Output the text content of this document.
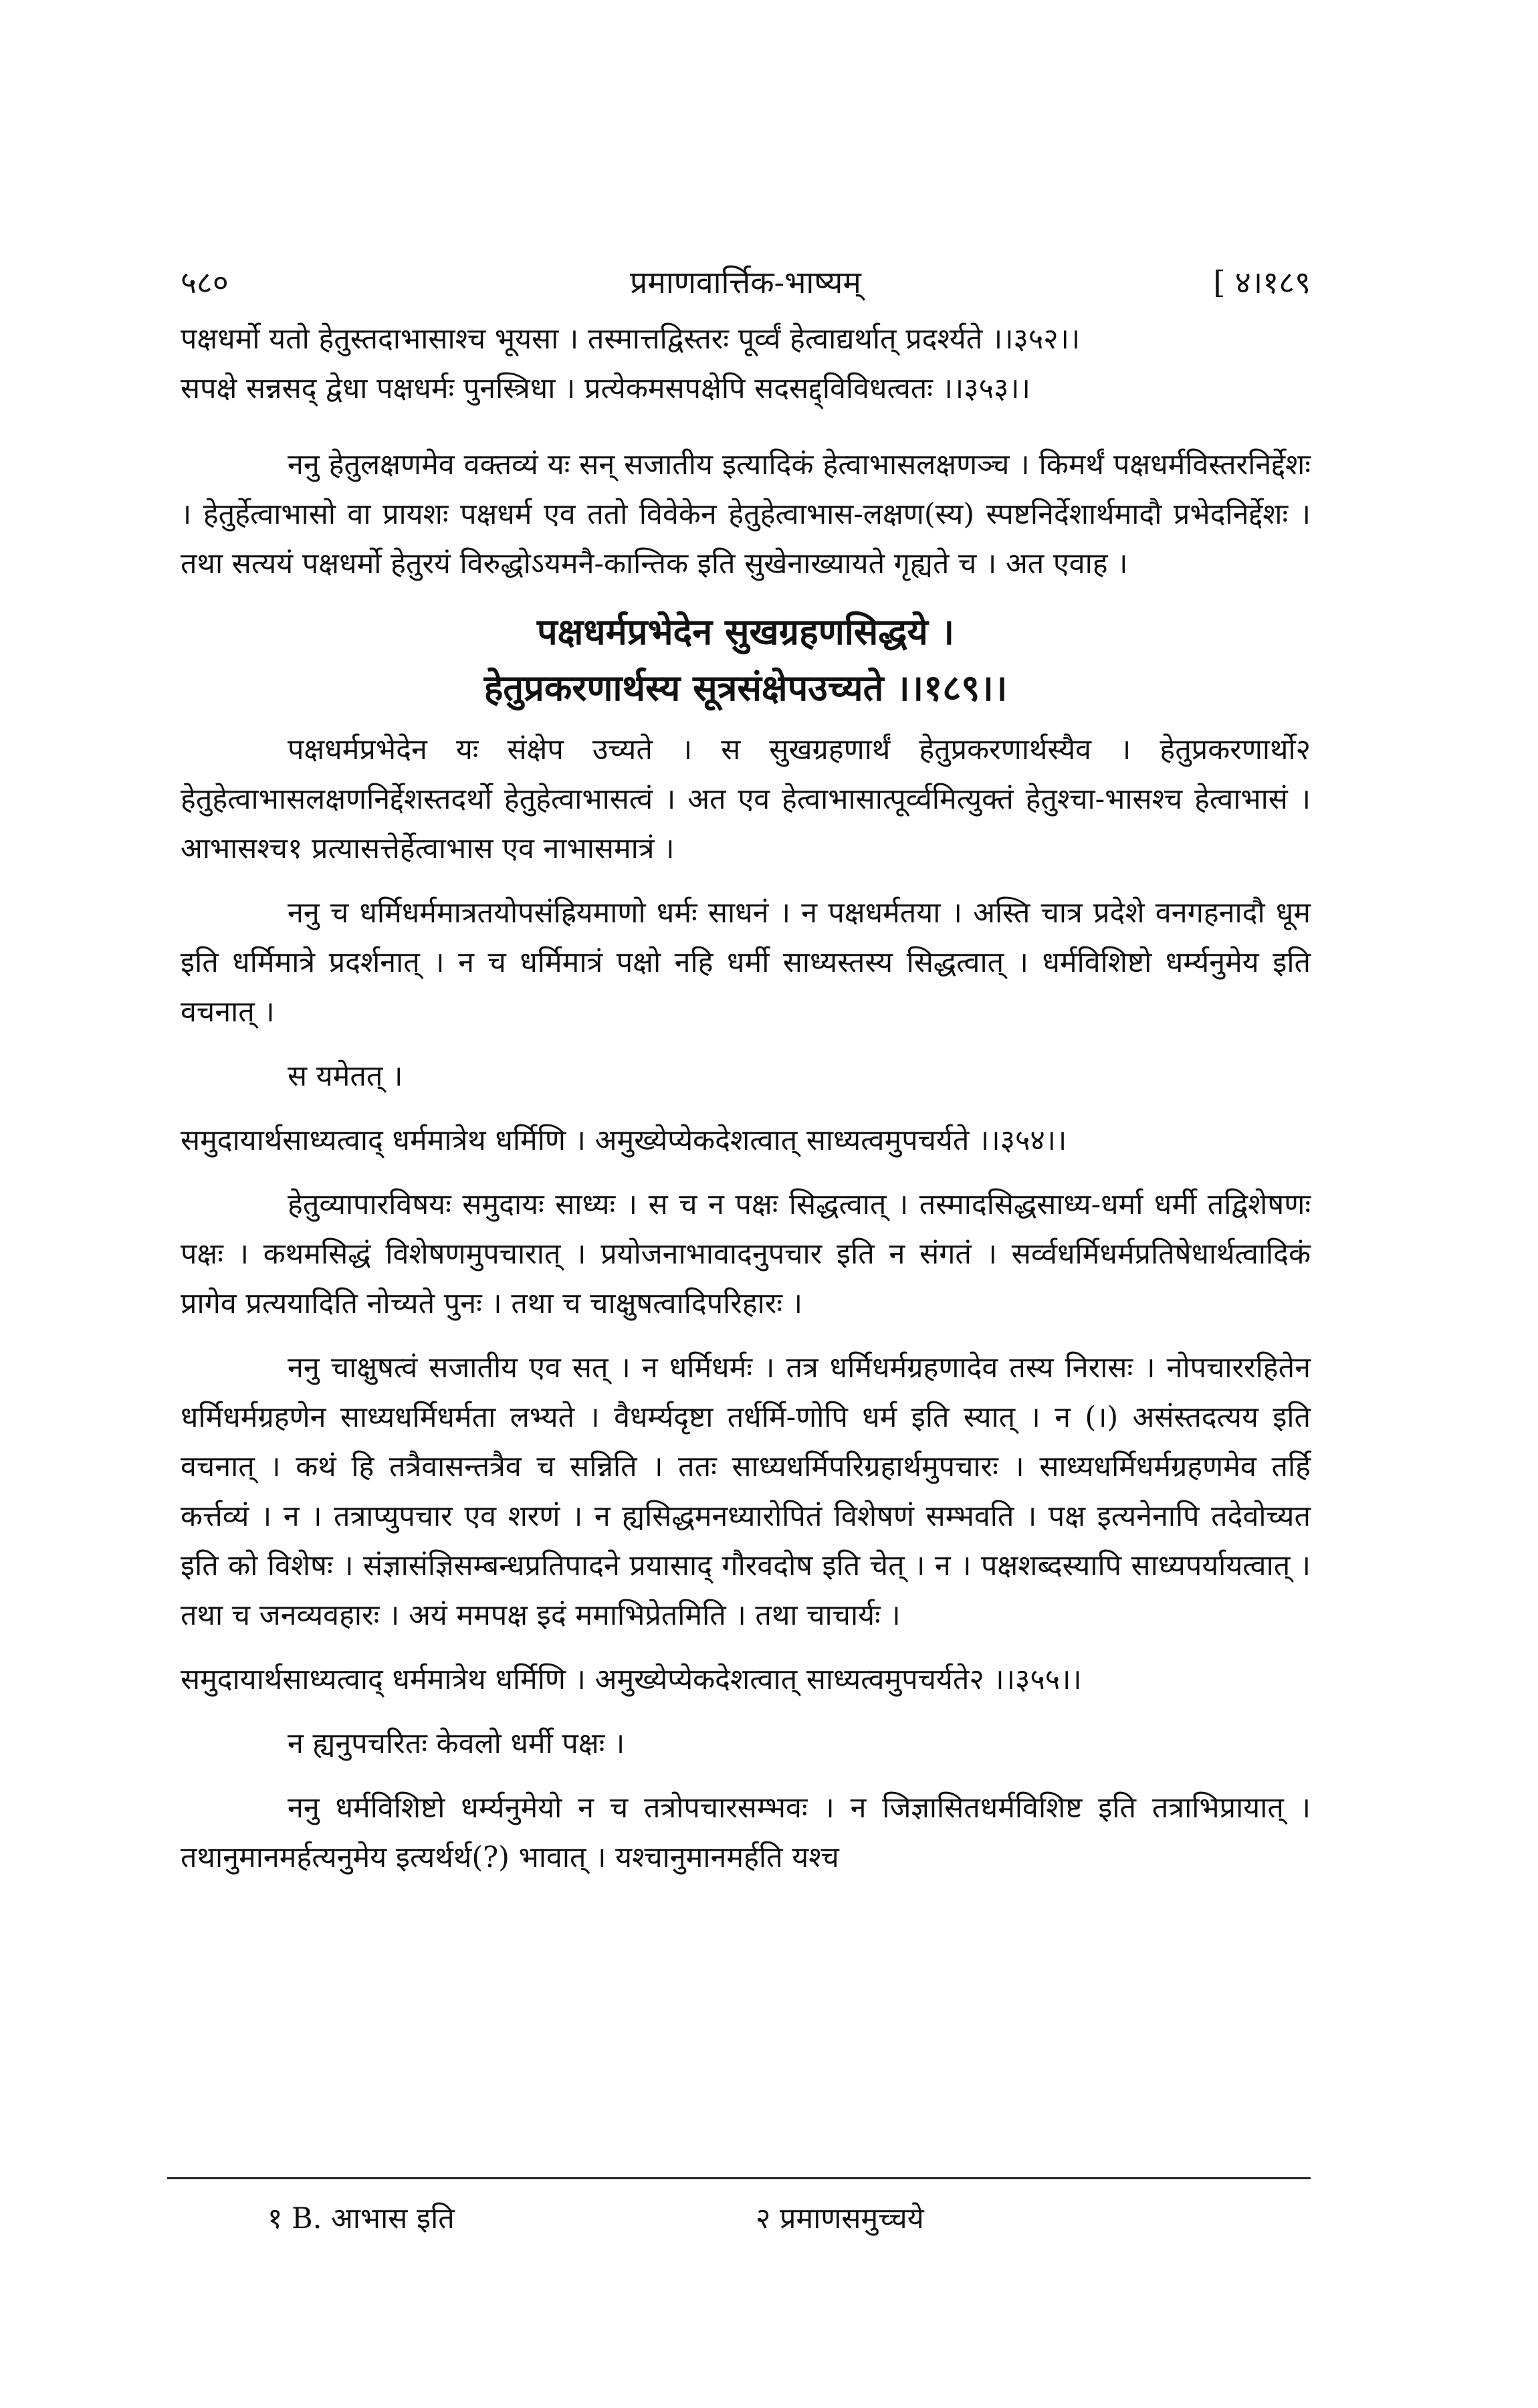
५८०	प्रमाणवार्त्तिक-भाष्यम्	[ ४।१८९
पक्षधर्मो यतो हेतुस्तदाभासाश्च भूयसा । तस्मात्तद्विस्तरः पूर्व्वं हेत्वाद्यर्थात् प्रदर्श्यते ।।३५२।।
सपक्षे सन्नसद् द्वेधा पक्षधर्मः पुनस्त्रिधा । प्रत्येकमसपक्षेपि सदसद्द्विविधत्वतः ।।३५३।।
ननु हेतुलक्षणमेव वक्तव्यं यः सन् सजातीय इत्यादिकं हेत्वाभासलक्षणञ्च । किमर्थं पक्षधर्मविस्तरनिर्द्देशः । हेतुर्हेत्वाभासो वा प्रायशः पक्षधर्म एव ततो विवेकेन हेतुहेत्वाभास-लक्षण(स्य) स्पष्टनिर्देशार्थमादौ प्रभेदनिर्द्देशः । तथा सत्ययं पक्षधर्मो हेतुरयं विरुद्धोऽयमनै-कान्तिक इति सुखेनाख्यायते गृह्यते च । अत एवाह ।
पक्षधर्मप्रभेदेन सुखग्रहणसिद्धये ।
हेतुप्रकरणार्थस्य सूत्रसंक्षेपउच्यते ।।१८९।।
पक्षधर्मप्रभेदेन यः संक्षेप उच्यते । स सुखग्रहणार्थं हेतुप्रकरणार्थस्यैव । हेतुप्रकरणार्थो२ हेतुहेत्वाभासलक्षणनिर्द्देशस्तदर्थो हेतुहेत्वाभासत्वं । अत एव हेत्वाभासात्पूर्व्वमित्युक्तं हेतुश्चा-भासश्च हेत्वाभासं । आभासश्च१ प्रत्यासत्तेर्हेत्वाभास एव नाभासमात्रं ।
ननु च धर्मिधर्ममात्रतयोपसंह्रियमाणो धर्मः साधनं । न पक्षधर्मतया । अस्ति चात्र प्रदेशे वनगहनादौ धूम इति धर्मिमात्रे प्रदर्शनात् । न च धर्मिमात्रं पक्षो नहि धर्मी साध्यस्तस्य सिद्धत्वात् । धर्मविशिष्टो धर्म्यनुमेय इति वचनात् ।
स यमेतत् ।
समुदायार्थसाध्यत्वाद् धर्ममात्रेथ धर्मिणि । अमुख्येप्येकदेशत्वात् साध्यत्वमुपचर्यते ।।३५४।।
हेतुव्यापारविषयः समुदायः साध्यः । स च न पक्षः सिद्धत्वात् । तस्मादसिद्धसाध्य-धर्मा धर्मी तद्विशेषणः पक्षः । कथमसिद्धं विशेषणमुपचारात् । प्रयोजनाभावादनुपचार इति न संगतं । सर्व्वधर्मिधर्मप्रतिषेधार्थत्वादिकं प्रागेव प्रत्ययादिति नोच्यते पुनः । तथा च चाक्षुषत्वादिपरिहारः ।
ननु चाक्षुषत्वं सजातीय एव सत् । न धर्मिधर्मः । तत्र धर्मिधर्मग्रहणादेव तस्य निरासः । नोपचाररहितेन धर्मिधर्मग्रहणेन साध्यधर्मिधर्मता लभ्यते । वैधर्म्यदृष्टा तर्धर्मि-णोपि धर्म इति स्यात् । न (।) असंस्तदत्यय इति वचनात् । कथं हि तत्रैवासन्तत्रैव च सन्निति । ततः साध्यधर्मिपरिग्रहार्थमुपचारः । साध्यधर्मिधर्मग्रहणमेव तर्हि कर्त्तव्यं । न । तत्राप्युपचार एव शरणं । न ह्यसिद्धमनध्यारोपितं विशेषणं सम्भवति । पक्ष इत्यनेनापि तदेवोच्यत इति को विशेषः । संज्ञासंज्ञिसम्बन्धप्रतिपादने प्रयासाद् गौरवदोष इति चेत् । न । पक्षशब्दस्यापि साध्यपर्यायत्वात् । तथा च जनव्यवहारः । अयं ममपक्ष इदं ममाभिप्रेतमिति । तथा चाचार्यः ।
समुदायार्थसाध्यत्वाद् धर्ममात्रेथ धर्मिणि । अमुख्येप्येकदेशत्वात् साध्यत्वमुपचर्यते२ ।।३५५।।
न ह्यनुपचरितः केवलो धर्मी पक्षः ।
ननु धर्मविशिष्टो धर्म्यनुमेयो न च तत्रोपचारसम्भवः । न जिज्ञासितधर्मविशिष्ट इति तत्राभिप्रायात् । तथानुमानमर्हत्यनुमेय इत्यर्थर्थ(?) भावात् । यश्चानुमानमर्हति यश्च
१ B. आभास इति	२ प्रमाणसमुच्चये
